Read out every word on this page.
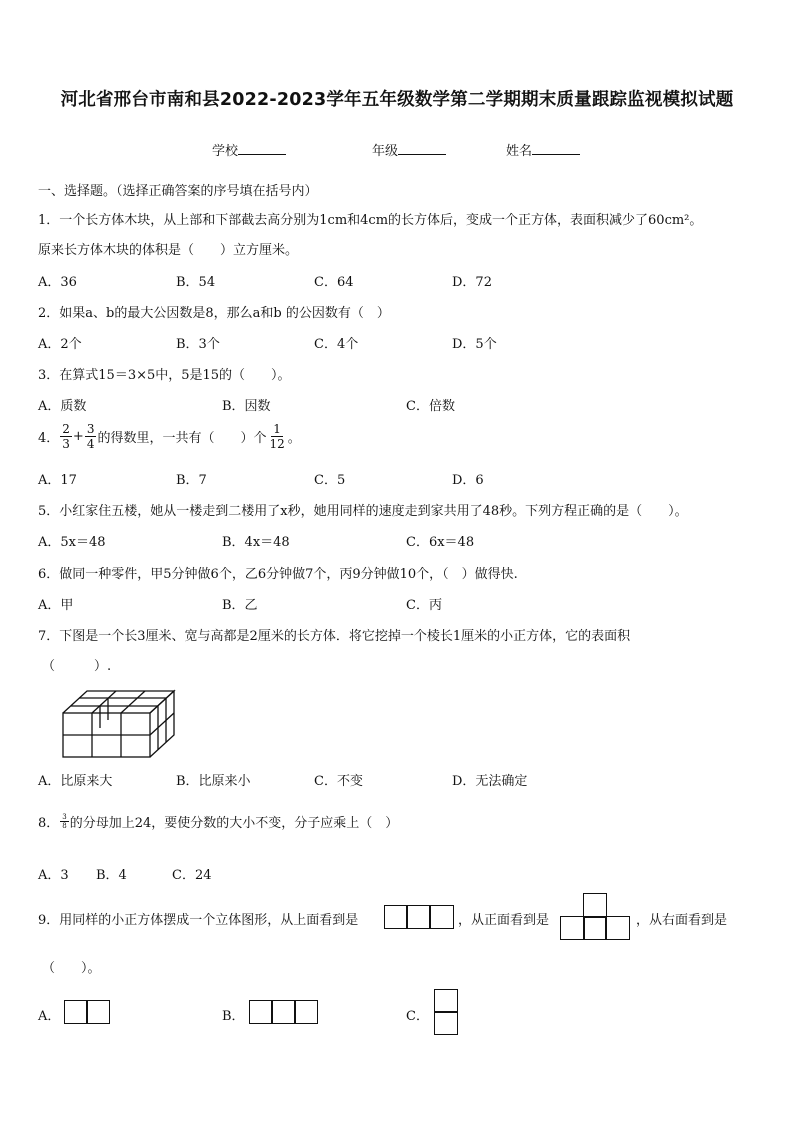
河北省邢台市南和县2022-2023学年五年级数学第二学期期末质量跟踪监视模拟试题
学校	年级	姓名
一、选择题。（选择正确答案的序号填在括号内）
1．一个长方体木块，从上部和下部截去高分别为1cm和4cm的长方体后，变成一个正方体，表面积减少了60cm²。
原来长方体木块的体积是（　　）立方厘米。
A．36	B．54	C．64	D．72
2．如果a、b的最大公因数是8，那么a和b 的公因数有（　）
A．2个	B．3个	C．4个	D．5个
3．在算式15＝3×5中，5是15的（　　）。
A．质数	B．因数	C．倍数
4． $\frac{2}{3} + \frac{3}{4}$ 的得数里，一共有（　　）个 $\frac{1}{12}$ 。
A．17	B．7	C．5	D．6
5．小红家住五楼，她从一楼走到二楼用了x秒，她用同样的速度走到家共用了48秒。下列方程正确的是（　　）。
A．5x＝48	B．4x＝48	C．6x＝48
6．做同一种零件，甲5分钟做6个，乙6分钟做7个，丙9分钟做10个，（　）做得快.
A．甲	B．乙	C．丙
7．下图是一个长3厘米、宽与高都是2厘米的长方体．将它挖掉一个棱长1厘米的小正方体，它的表面积
（　　　）.
A．比原来大	B．比原来小	C．不变	D．无法确定
8． $\frac{3}{8}$ 的分母加上24，要使分数的大小不变，分子应乘上（　）
A．3 B．4	C．24
9．用同样的小正方体摆成一个立体图形，从上面看到是	，从正面看到是	，从右面看到是
（　　）。
A．	B．	C．
